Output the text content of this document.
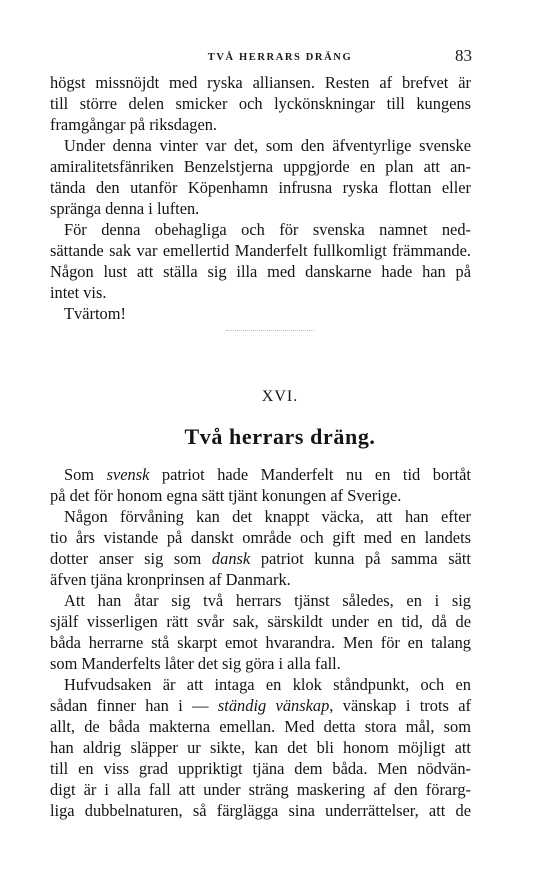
TVÅ HERRARS DRÄNG	83
högst missnöjdt med ryska alliansen. Resten af brefvet är
till större delen smicker och lyckönskningar till kungens
framgångar på riksdagen.
Under denna vinter var det, som den äfventyrlige svenske
amiralitetsfänriken Benzelstjerna uppgjorde en plan att an-
tända den utanför Köpenhamn infrusna ryska flottan eller
spränga denna i luften.
För denna obehagliga och för svenska namnet ned-
sättande sak var emellertid Manderfelt fullkomligt främmande.
Någon lust att ställa sig illa med danskarne hade han på
intet vis.
Tvärtom!
XVI.
Två herrars dräng.
Som svensk patriot hade Manderfelt nu en tid bortåt
på det för honom egna sätt tjänt konungen af Sverige.
Någon förvåning kan det knappt väcka, att han efter
tio års vistande på danskt område och gift med en landets
dotter anser sig som dansk patriot kunna på samma sätt
äfven tjäna kronprinsen af Danmark.
Att han åtar sig två herrars tjänst således, en i sig
själf visserligen rätt svår sak, särskildt under en tid, då de
båda herrarne stå skarpt emot hvarandra. Men för en talang
som Manderfelts låter det sig göra i alla fall.
Hufvudsaken är att intaga en klok ståndpunkt, och en
sådan finner han i — ständig vänskap, vänskap i trots af
allt, de båda makterna emellan. Med detta stora mål, som
han aldrig släpper ur sikte, kan det bli honom möjligt att
till en viss grad uppriktigt tjäna dem båda. Men nödvän-
digt är i alla fall att under sträng maskering af den förarg-
liga dubbelnaturen, så färglägga sina underrättelser, att de
